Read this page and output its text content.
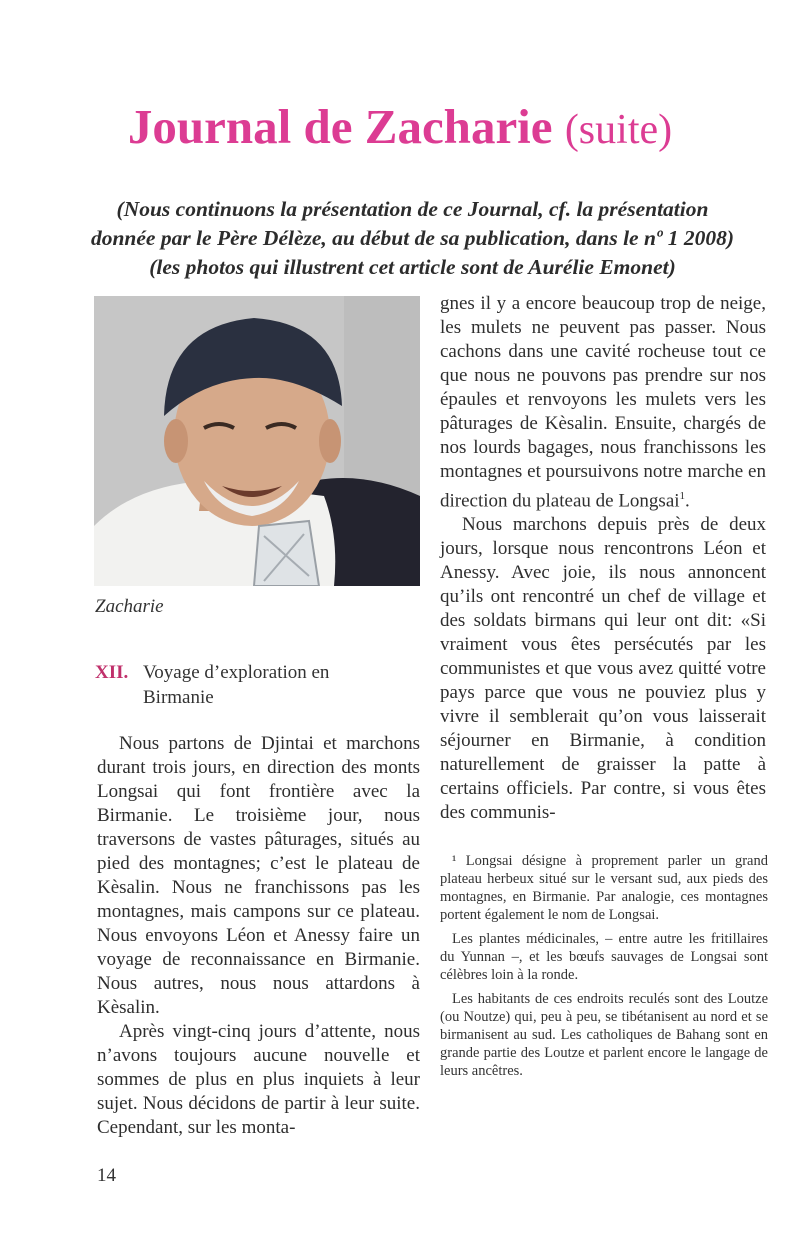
Journal de Zacharie (suite)
(Nous continuons la présentation de ce Journal, cf. la présentation
donnée par le Père Délèze, au début de sa publication, dans le nº 1 2008)
(les photos qui illustrent cet article sont de Aurélie Emonet)
Zacharie
XII. Voyage d’exploration en
Birmanie

Nous partons de Djintai et marchons durant trois jours, en direction des monts Longsai qui font frontière avec la Birmanie. Le troisième jour, nous traversons de vastes pâturages, situés au pied des montagnes; c’est le plateau de Kèsalin. Nous ne franchissons pas les montagnes, mais campons sur ce plateau. Nous envoyons Léon et Anessy faire un voyage de reconnaissance en Birmanie. Nous autres, nous nous attardons à Kèsalin.

Après vingt-cinq jours d’attente, nous n’avons toujours aucune nouvelle et sommes de plus en plus inquiets à leur sujet. Nous décidons de partir à leur suite. Cependant, sur les monta-

gnes il y a encore beaucoup trop de neige, les mulets ne peuvent pas passer. Nous cachons dans une cavité rocheuse tout ce que nous ne pouvons pas prendre sur nos épaules et renvoyons les mulets vers les pâturages de Kèsalin. Ensuite, chargés de nos lourds bagages, nous franchissons les montagnes et poursuivons notre marche en direction du plateau de Longsai$^1$.

Nous marchons depuis près de deux jours, lorsque nous rencontrons Léon et Anessy. Avec joie, ils nous annoncent qu’ils ont rencontré un chef de village et des soldats birmans qui leur ont dit: «Si vraiment vous êtes persécutés par les communistes et que vous avez quitté votre pays parce que vous ne pouviez plus y vivre il semblerait qu’on vous laisserait séjourner en Birmanie, à condition naturellement de graisser la patte à certains officiels. Par contre, si vous êtes des communis-

¹ Longsai désigne à proprement parler un grand plateau herbeux situé sur le versant sud, aux pieds des montagnes, en Birmanie. Par analogie, ces montagnes portent également le nom de Longsai.

Les plantes médicinales, – entre autre les fritillaires du Yunnan –, et les bœufs sauvages de Longsai sont célèbres loin à la ronde.

Les habitants de ces endroits reculés sont des Loutze (ou Noutze) qui, peu à peu, se tibétanisent au nord et se birmanisent au sud. Les catholiques de Bahang sont en grande partie des Loutze et parlent encore le langage de leurs ancêtres.

14
